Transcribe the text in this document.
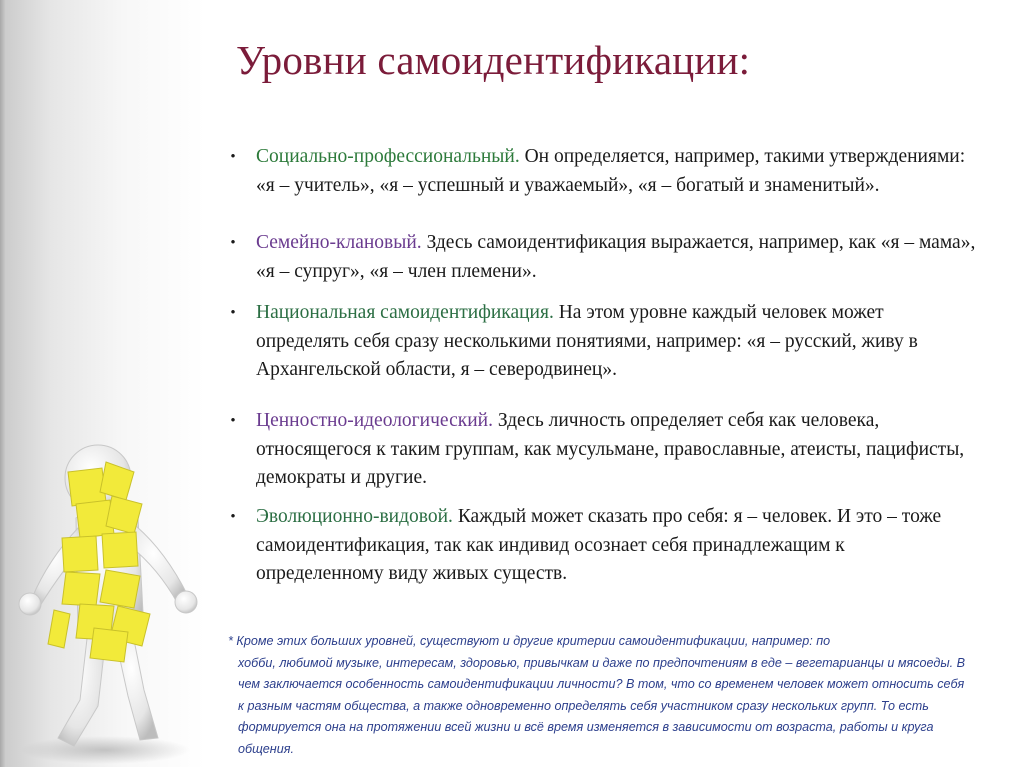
Уровни самоидентификации:
• Социально-профессиональный. Он определяется, например, такими утверждениями: «я – учитель», «я – успешный и уважаемый», «я – богатый и знаменитый».
• Семейно-клановый. Здесь самоидентификация выражается, например, как «я – мама», «я – супруг», «я – член племени».
• Национальная самоидентификация. На этом уровне каждый человек может определять себя сразу несколькими понятиями, например: «я – русский, живу в Архангельской области, я – северодвинец».
• Ценностно-идеологический. Здесь личность определяет себя как человека, относящегося к таким группам, как мусульмане, православные, атеисты, пацифисты, демократы и другие.
• Эволюционно-видовой. Каждый может сказать про себя: я – человек. И это – тоже самоидентификация, так как индивид осознает себя принадлежащим к определенному виду живых существ.
* Кроме этих больших уровней, существуют и другие критерии самоидентификации, например: по
хобби, любимой музыке, интересам, здоровью, привычкам и даже по предпочтениям в еде – вегетарианцы и мясоеды. В чем заключается особенность самоидентификации личности? В том, что со временем человек может относить себя к разным частям общества, а также одновременно определять себя участником сразу нескольких групп. То есть формируется она на протяжении всей жизни и всё время изменяется в зависимости от возраста, работы и круга общения.
